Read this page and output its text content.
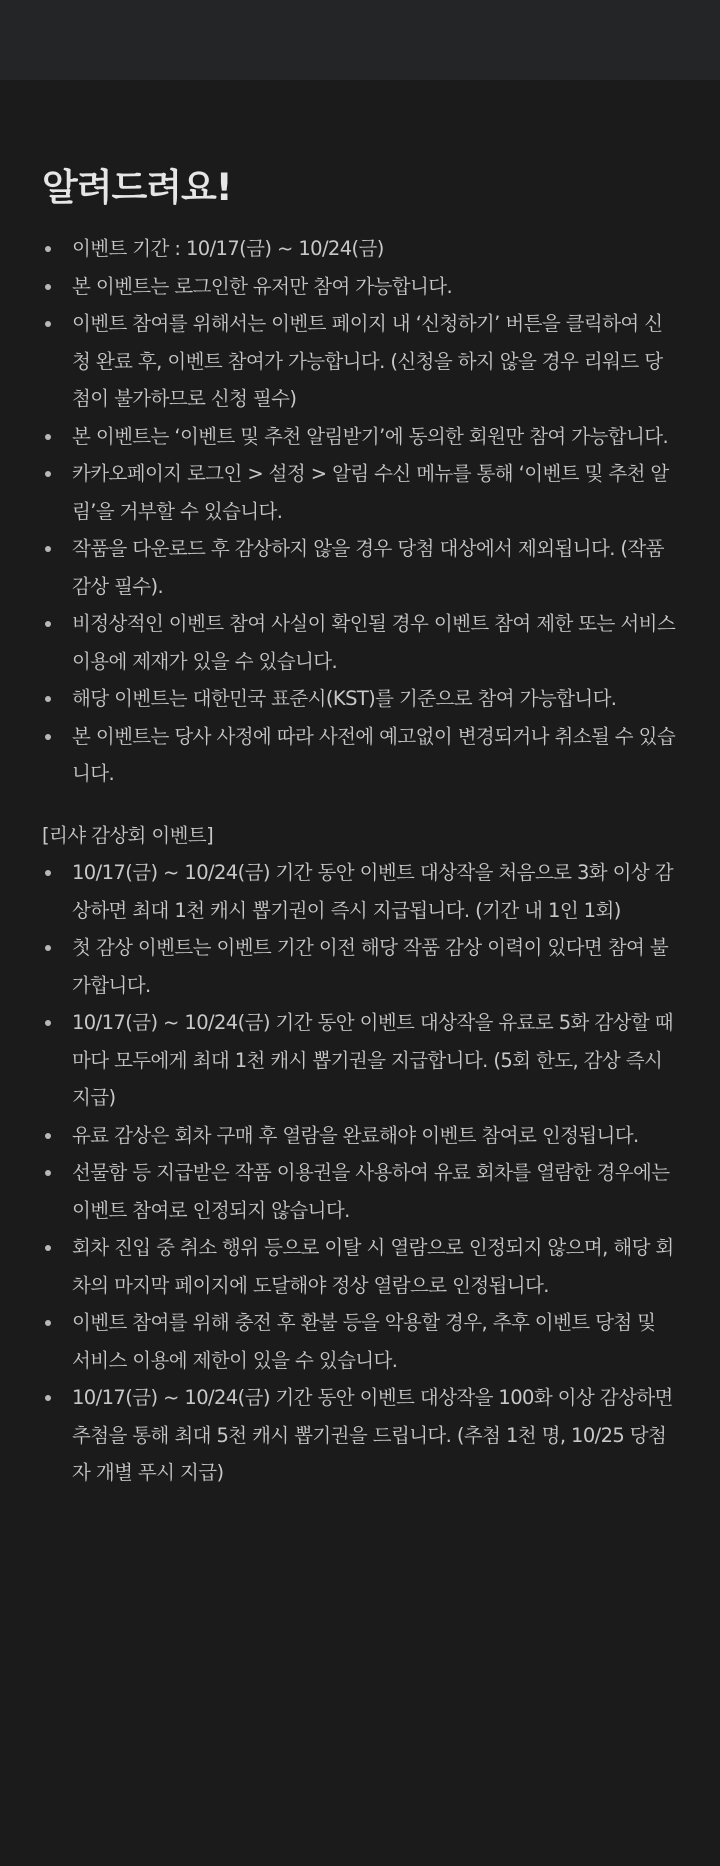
알려드려요!
이벤트 기간 : 10/17(금) ~ 10/24(금)
본 이벤트는 로그인한 유저만 참여 가능합니다.
이벤트 참여를 위해서는 이벤트 페이지 내 ‘신청하기’ 버튼을 클릭하여 신청 완료 후, 이벤트 참여가 가능합니다. (신청을 하지 않을 경우 리워드 당첨이 불가하므로 신청 필수)
본 이벤트는 ‘이벤트 및 추천 알림받기’에 동의한 회원만 참여 가능합니다.
카카오페이지 로그인 > 설정 > 알림 수신 메뉴를 통해 ‘이벤트 및 추천 알림’을 거부할 수 있습니다.
작품을 다운로드 후 감상하지 않을 경우 당첨 대상에서 제외됩니다. (작품 감상 필수).
비정상적인 이벤트 참여 사실이 확인될 경우 이벤트 참여 제한 또는 서비스 이용에 제재가 있을 수 있습니다.
해당 이벤트는 대한민국 표준시(KST)를 기준으로 참여 가능합니다.
본 이벤트는 당사 사정에 따라 사전에 예고없이 변경되거나 취소될 수 있습니다.
[리샤 감상회 이벤트]
10/17(금) ~ 10/24(금) 기간 동안 이벤트 대상작을 처음으로 3화 이상 감상하면 최대 1천 캐시 뽑기권이 즉시 지급됩니다. (기간 내 1인 1회)
첫 감상 이벤트는 이벤트 기간 이전 해당 작품 감상 이력이 있다면 참여 불가합니다.
10/17(금) ~ 10/24(금) 기간 동안 이벤트 대상작을 유료로 5화 감상할 때마다 모두에게 최대 1천 캐시 뽑기권을 지급합니다. (5회 한도, 감상 즉시 지급)
유료 감상은 회차 구매 후 열람을 완료해야 이벤트 참여로 인정됩니다.
선물함 등 지급받은 작품 이용권을 사용하여 유료 회차를 열람한 경우에는 이벤트 참여로 인정되지 않습니다.
회차 진입 중 취소 행위 등으로 이탈 시 열람으로 인정되지 않으며, 해당 회차의 마지막 페이지에 도달해야 정상 열람으로 인정됩니다.
이벤트 참여를 위해 충전 후 환불 등을 악용할 경우, 추후 이벤트 당첨 및 서비스 이용에 제한이 있을 수 있습니다.
10/17(금) ~ 10/24(금) 기간 동안 이벤트 대상작을 100화 이상 감상하면 추첨을 통해 최대 5천 캐시 뽑기권을 드립니다. (추첨 1천 명, 10/25 당첨자 개별 푸시 지급)
